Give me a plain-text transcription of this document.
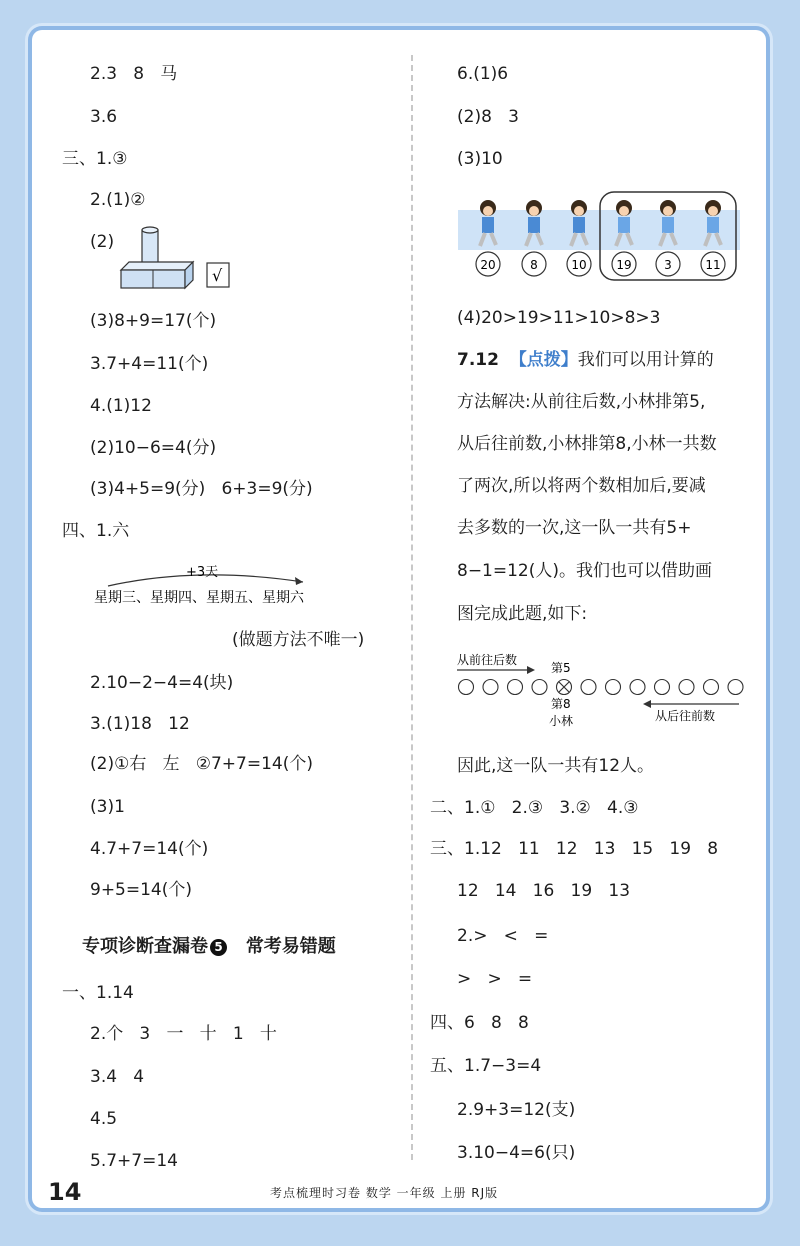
2.3   8   马
3.6
三、1.③
2.(1)②
(2)
√
(3)8+9=17(个)
3.7+4=11(个)
4.(1)12
(2)10−6=4(分)
(3)4+5=9(分)   6+3=9(分)
四、1.六
+3天
星期三、星期四、星期五、星期六
(做题方法不唯一)
2.10−2−4=4(块)
3.(1)18   12
(2)①右   左   ②7+7=14(个)
(3)1
4.7+7=14(个)
9+5=14(个)
专项诊断查漏卷 5 常考易错题
一、1.14
2.个   3   一   十   1   十
3.4   4
4.5
5.7+7=14
6.(1)6
(2)8   3
(3)10
20	8	10 19	3	11
(4)20>19>11>10>8>3
7.12 【点拨】我们可以用计算的
方法解决:从前往后数,小林排第5,
从后往前数,小林排第8,小林一共数
了两次,所以将两个数相加后,要减
去多数的一次,这一队一共有5+
8−1=12(人)。我们也可以借助画
图完成此题,如下:
从前往后数
第5
第8
小林	从后往前数
因此,这一队一共有12人。
二、1.①   2.③   3.②   4.③
三、1.12   11   12   13   15   19   8
12   14   16   19   13
2.>   <   =
>   >   =
四、6   8   8
五、1.7−3=4
2.9+3=12(支)
3.10−4=6(只)
14	考点梳理时习卷 数学 一年级 上册 RJ版
